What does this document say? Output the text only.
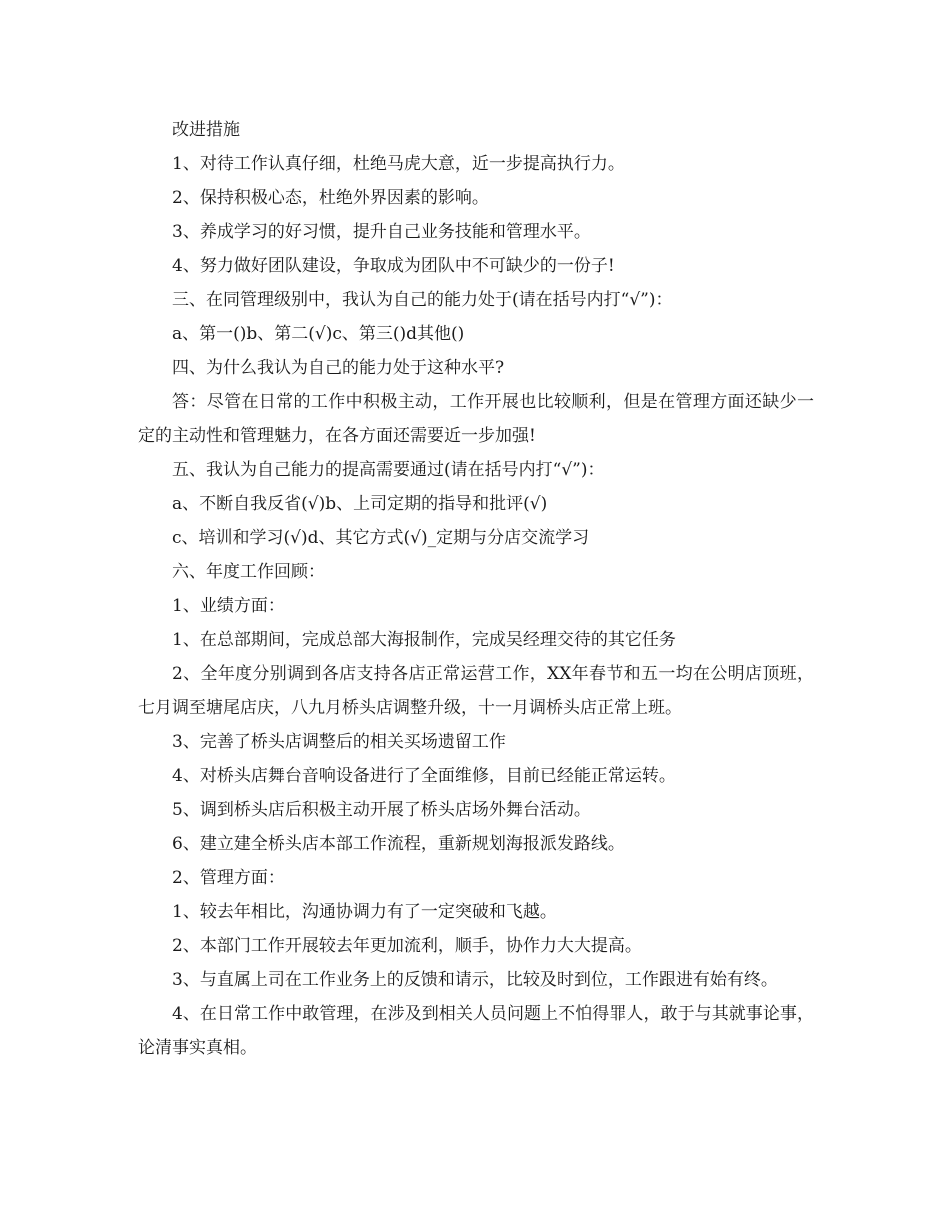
改进措施

1、对待工作认真仔细，杜绝马虎大意，近一步提高执行力。

2、保持积极心态，杜绝外界因素的影响。

3、养成学习的好习惯，提升自己业务技能和管理水平。

4、努力做好团队建设，争取成为团队中不可缺少的一份子!

三、在同管理级别中，我认为自己的能力处于(请在括号内打“√”)：

a、第一()b、第二(√)c、第三()d其他()

四、为什么我认为自己的能力处于这种水平?

答：尽管在日常的工作中积极主动，工作开展也比较顺利，但是在管理方面还缺少一定的主动性和管理魅力，在各方面还需要近一步加强!

五、我认为自己能力的提高需要通过(请在括号内打“√”)：

a、不断自我反省(√)b、上司定期的指导和批评(√)

c、培训和学习(√)d、其它方式(√)_定期与分店交流学习

六、年度工作回顾：

1、业绩方面：

1、在总部期间，完成总部大海报制作，完成吴经理交待的其它任务

2、全年度分别调到各店支持各店正常运营工作，XX年春节和五一均在公明店顶班，七月调至塘尾店庆，八九月桥头店调整升级，十一月调桥头店正常上班。

3、完善了桥头店调整后的相关买场遗留工作

4、对桥头店舞台音响设备进行了全面维修，目前已经能正常运转。

5、调到桥头店后积极主动开展了桥头店场外舞台活动。

6、建立建全桥头店本部工作流程，重新规划海报派发路线。

2、管理方面：

1、较去年相比，沟通协调力有了一定突破和飞越。

2、本部门工作开展较去年更加流利，顺手，协作力大大提高。

3、与直属上司在工作业务上的反馈和请示，比较及时到位，工作跟进有始有终。

4、在日常工作中敢管理，在涉及到相关人员问题上不怕得罪人，敢于与其就事论事，论清事实真相。
